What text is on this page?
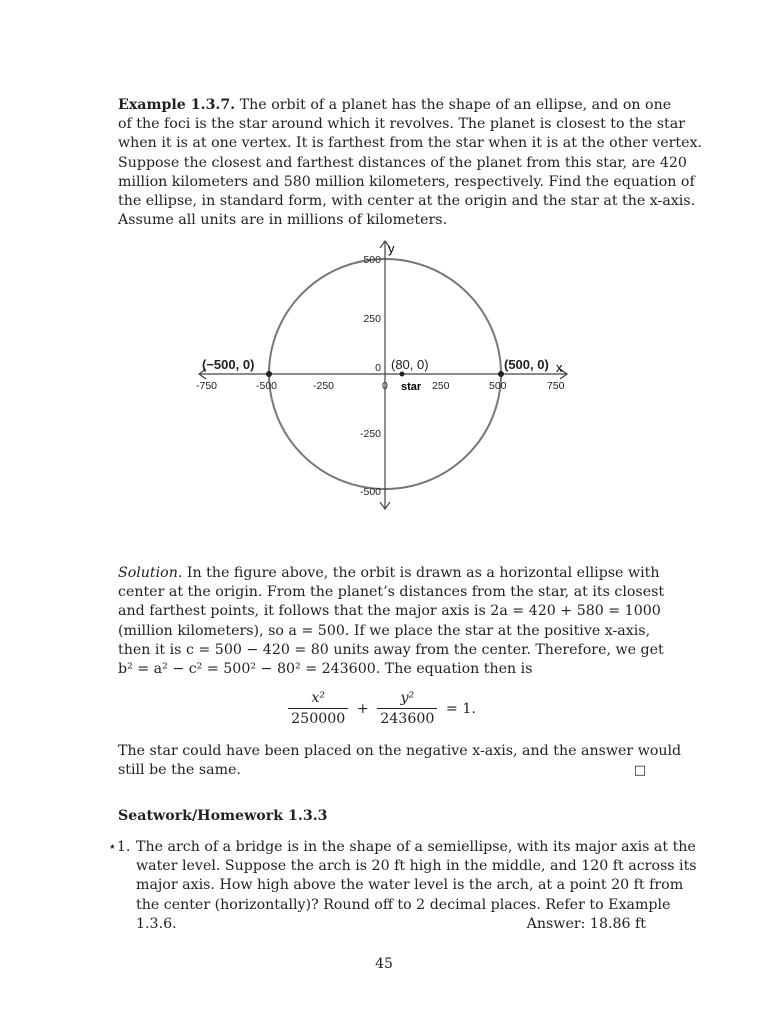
Example 1.3.7. The orbit of a planet has the shape of an ellipse, and on one
of the foci is the star around which it revolves. The planet is closest to the star
when it is at one vertex. It is farthest from the star when it is at the other vertex.
Suppose the closest and farthest distances of the planet from this star, are 420
million kilometers and 580 million kilometers, respectively. Find the equation of
the ellipse, in standard form, with center at the origin and the star at the x-axis.
Assume all units are in millions of kilometers.
x
y
-750	-500	-250	0	250	500	750
500
250
0
-250
-500
(−500, 0)	(80, 0)	(500, 0)
star
Solution. In the figure above, the orbit is drawn as a horizontal ellipse with
center at the origin. From the planet’s distances from the star, at its closest
and farthest points, it follows that the major axis is 2a = 420 + 580 = 1000
(million kilometers), so a = 500. If we place the star at the positive x-axis,
then it is c = 500 − 420 = 80 units away from the center. Therefore, we get
b² = a² − c² = 500² − 80² = 243600. The equation then is
$\frac{\text{x²}}{250000} + \frac{\text{y²}}{243600} = 1$.
The star could have been placed on the negative x-axis, and the answer would
still be the same.	□
Seatwork/Homework 1.3.3
⋆1. The arch of a bridge is in the shape of a semiellipse, with its major axis at the
water level. Suppose the arch is 20 ft high in the middle, and 120 ft across its
major axis. How high above the water level is the arch, at a point 20 ft from
the center (horizontally)? Round off to 2 decimal places. Refer to Example
1.3.6.	Answer: 18.86 ft
45
